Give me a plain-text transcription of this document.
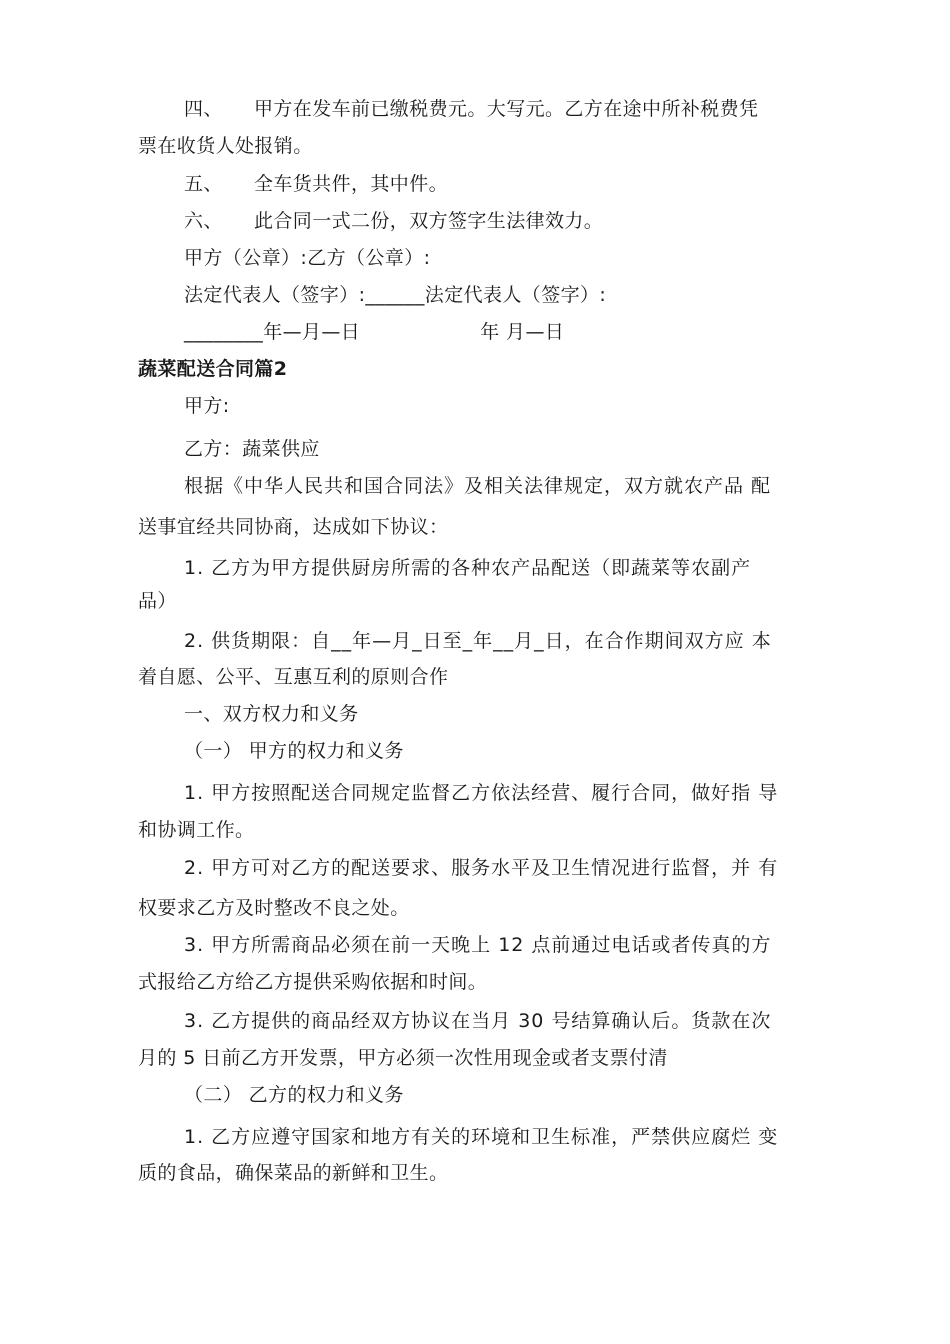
四、 甲方在发车前已缴税费元。大写元。乙方在途中所补税费凭
票在收货人处报销。
五、 全车货共件，其中件。
六、 此合同一式二份，双方签字生法律效力。
甲方（公章）:乙方（公章）:
法定代表人（签字）:______法定代表人（签字）:
________年—月—日	年 月—日
蔬菜配送合同篇2
甲方:
乙方：蔬菜供应
根据《中华人民共和国合同法》及相关法律规定，双方就农产品 配
送事宜经共同协商，达成如下协议：
1. 乙方为甲方提供厨房所需的各种农产品配送（即蔬菜等农副产
品）
2. 供货期限：自__年—月_日至_年__月_日，在合作期间双方应 本
着自愿、公平、互惠互利的原则合作
一、双方权力和义务
（一） 甲方的权力和义务
1. 甲方按照配送合同规定监督乙方依法经营、履行合同，做好指 导
和协调工作。
2. 甲方可对乙方的配送要求、服务水平及卫生情况进行监督，并 有
权要求乙方及时整改不良之处。
3. 甲方所需商品必须在前一天晚上 12 点前通过电话或者传真的方
式报给乙方给乙方提供采购依据和时间。
3. 乙方提供的商品经双方协议在当月 30 号结算确认后。货款在次
月的 5 日前乙方开发票，甲方必须一次性用现金或者支票付清
（二） 乙方的权力和义务
1. 乙方应遵守国家和地方有关的环境和卫生标准，严禁供应腐烂 变
质的食品，确保菜品的新鲜和卫生。
